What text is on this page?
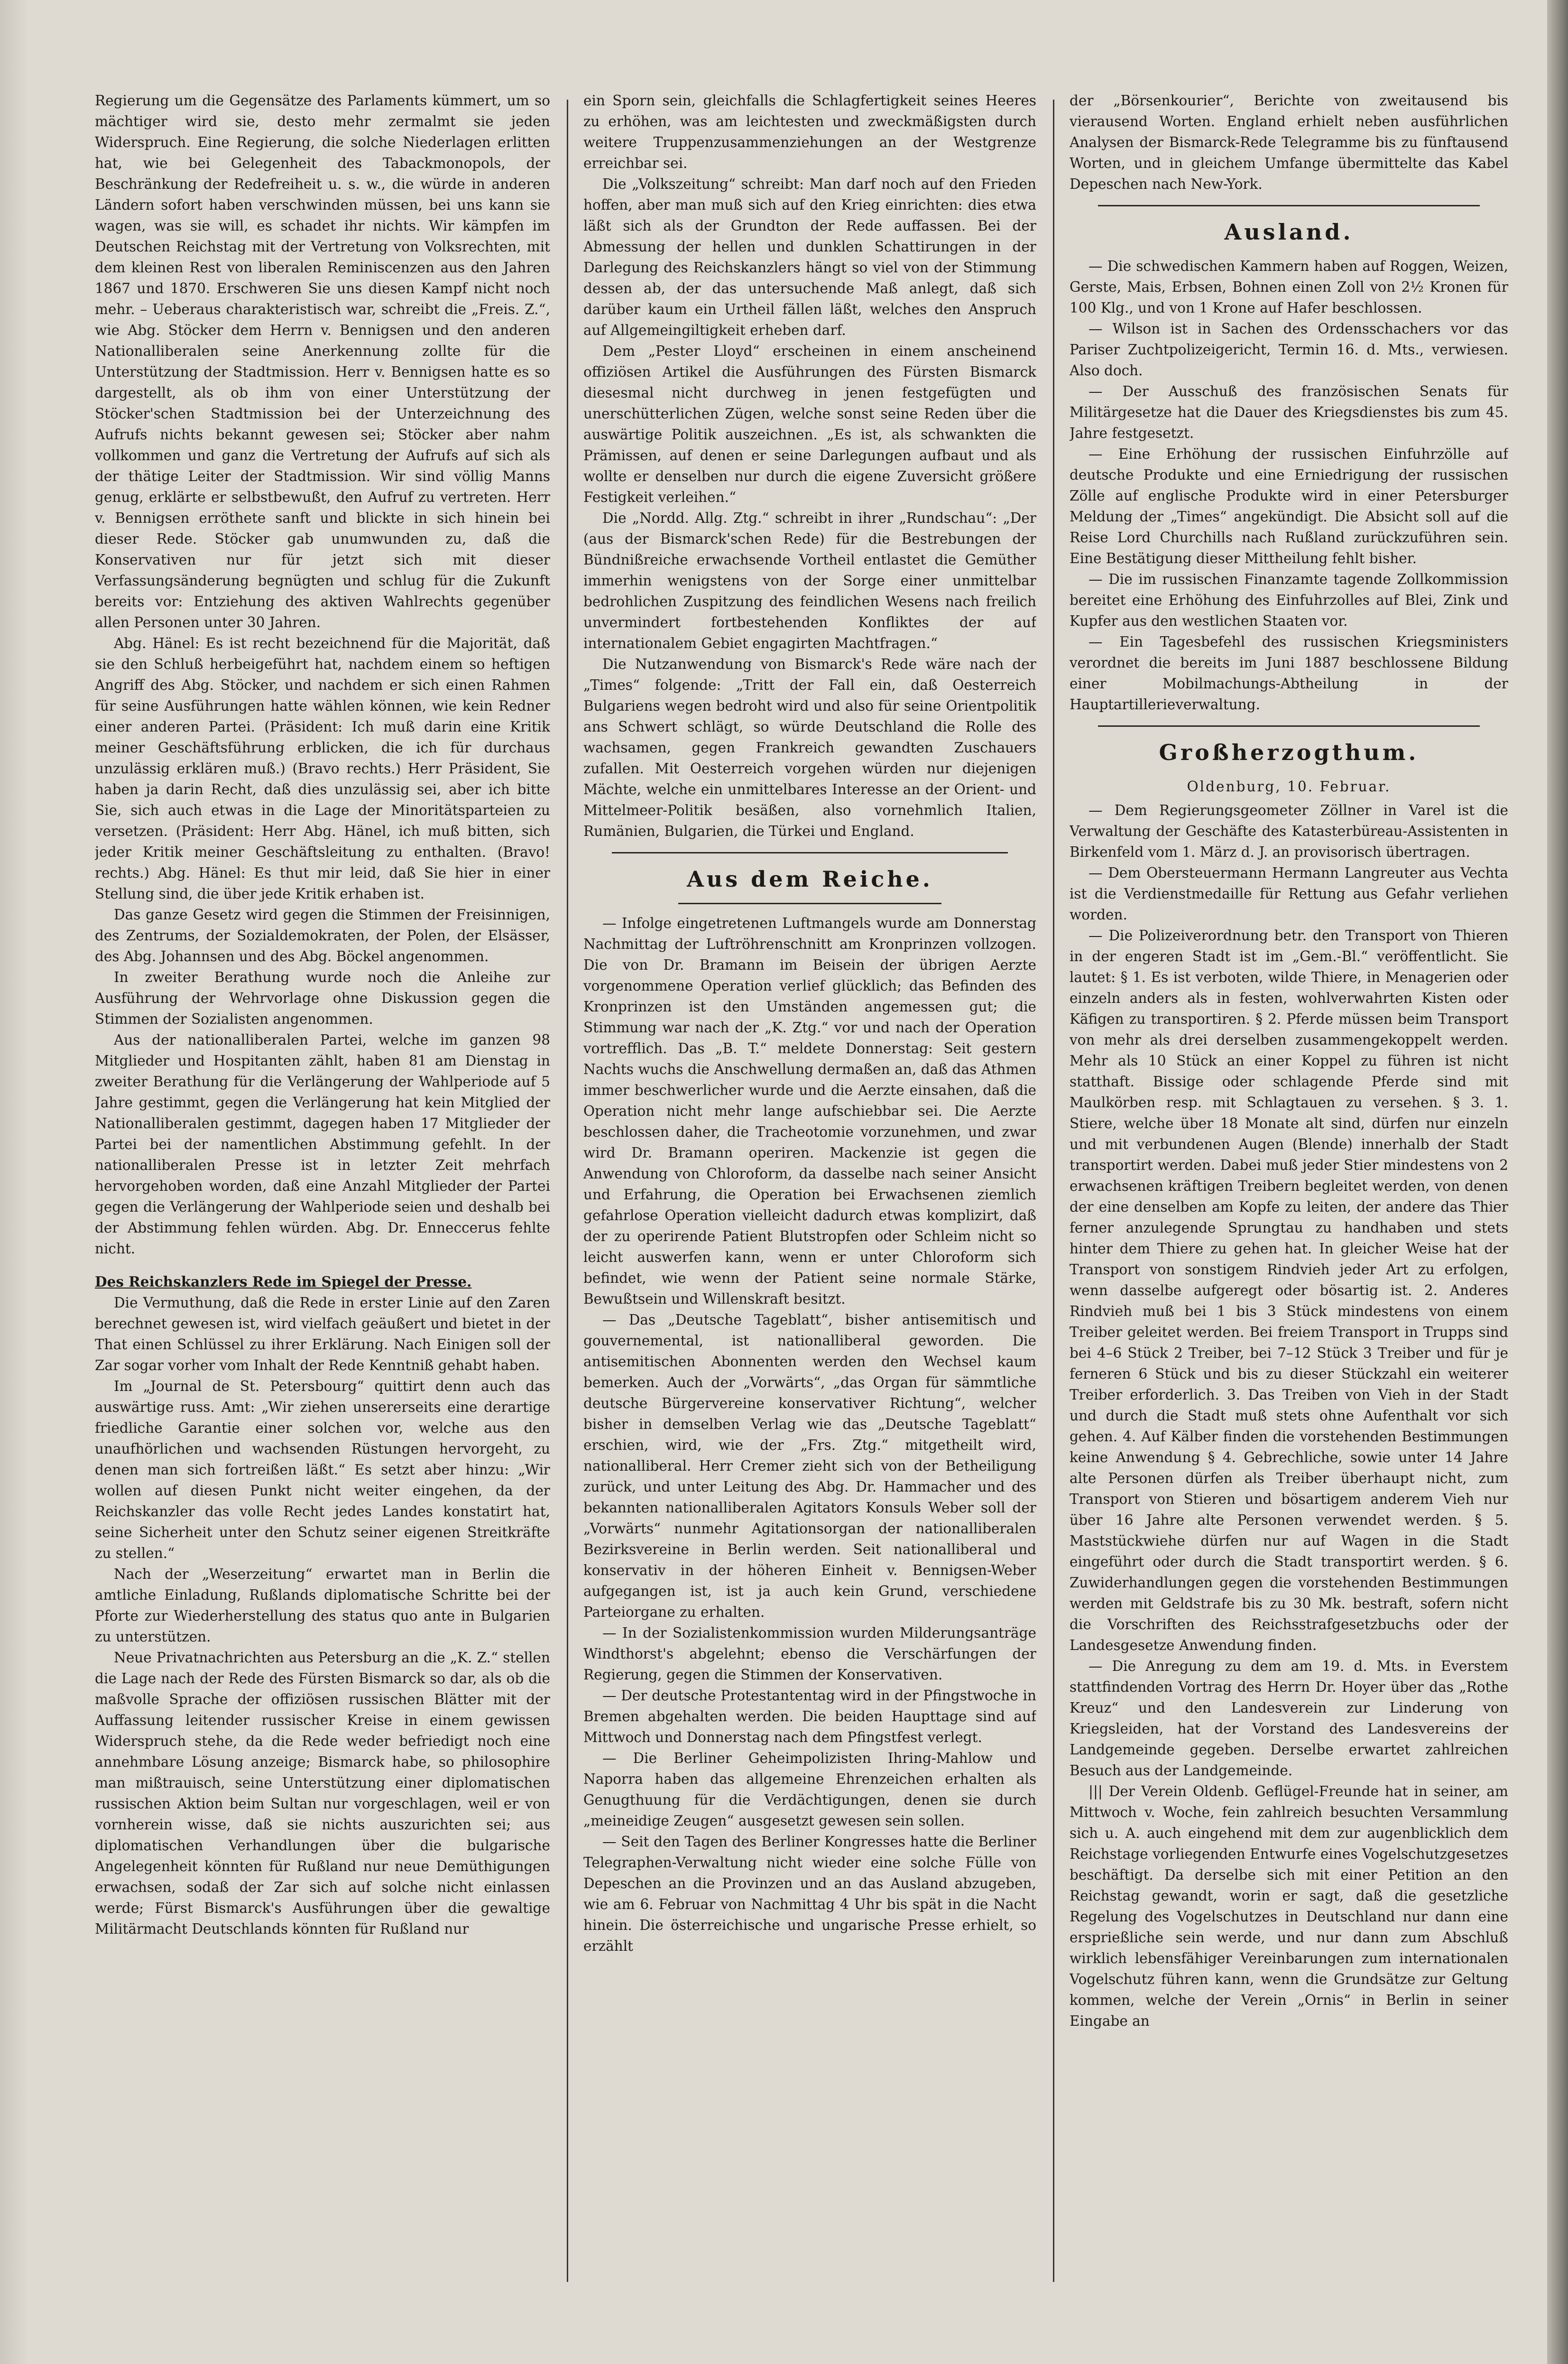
Regierung um die Gegensätze des Parlaments kümmert, um so mächtiger wird sie, desto mehr zermalmt sie jeden Widerspruch. Eine Regierung, die solche Niederlagen erlitten hat, wie bei Gelegenheit des Tabackmonopols, der Beschränkung der Redefreiheit u. s. w., die würde in anderen Ländern sofort haben verschwinden müssen, bei uns kann sie wagen, was sie will, es schadet ihr nichts. Wir kämpfen im Deutschen Reichstag mit der Vertretung von Volksrechten, mit dem kleinen Rest von liberalen Reminiscenzen aus den Jahren 1867 und 1870. Erschweren Sie uns diesen Kampf nicht noch mehr. – Ueberaus charakteristisch war, schreibt die „Freis. Z.“, wie Abg. Stöcker dem Herrn v. Bennigsen und den anderen Nationalliberalen seine Anerkennung zollte für die Unterstützung der Stadtmission. Herr v. Bennigsen hatte es so dargestellt, als ob ihm von einer Unterstützung der Stöcker'schen Stadtmission bei der Unterzeichnung des Aufrufs nichts bekannt gewesen sei; Stöcker aber nahm vollkommen und ganz die Vertretung der Aufrufs auf sich als der thätige Leiter der Stadtmission. Wir sind völlig Manns genug, erklärte er selbstbewußt, den Aufruf zu vertreten. Herr v. Bennigsen erröthete sanft und blickte in sich hinein bei dieser Rede. Stöcker gab unumwunden zu, daß die Konservativen nur für jetzt sich mit dieser Verfassungsänderung begnügten und schlug für die Zukunft bereits vor: Entziehung des aktiven Wahlrechts gegenüber allen Personen unter 30 Jahren.

Abg. Hänel: Es ist recht bezeichnend für die Majorität, daß sie den Schluß herbeigeführt hat, nachdem einem so heftigen Angriff des Abg. Stöcker, und nachdem er sich einen Rahmen für seine Ausführungen hatte wählen können, wie kein Redner einer anderen Partei. (Präsident: Ich muß darin eine Kritik meiner Geschäftsführung erblicken, die ich für durchaus unzulässig erklären muß.) (Bravo rechts.) Herr Präsident, Sie haben ja darin Recht, daß dies unzulässig sei, aber ich bitte Sie, sich auch etwas in die Lage der Minoritätsparteien zu versetzen. (Präsident: Herr Abg. Hänel, ich muß bitten, sich jeder Kritik meiner Geschäftsleitung zu enthalten. (Bravo! rechts.) Abg. Hänel: Es thut mir leid, daß Sie hier in einer Stellung sind, die über jede Kritik erhaben ist.

Das ganze Gesetz wird gegen die Stimmen der Freisinnigen, des Zentrums, der Sozialdemokraten, der Polen, der Elsässer, des Abg. Johannsen und des Abg. Böckel angenommen.

In zweiter Berathung wurde noch die Anleihe zur Ausführung der Wehrvorlage ohne Diskussion gegen die Stimmen der Sozialisten angenommen.

Aus der nationalliberalen Partei, welche im ganzen 98 Mitglieder und Hospitanten zählt, haben 81 am Dienstag in zweiter Berathung für die Verlängerung der Wahlperiode auf 5 Jahre gestimmt, gegen die Verlängerung hat kein Mitglied der Nationalliberalen gestimmt, dagegen haben 17 Mitglieder der Partei bei der namentlichen Abstimmung gefehlt. In der nationalliberalen Presse ist in letzter Zeit mehrfach hervorgehoben worden, daß eine Anzahl Mitglieder der Partei gegen die Verlängerung der Wahlperiode seien und deshalb bei der Abstimmung fehlen würden. Abg. Dr. Enneccerus fehlte nicht.

Des Reichskanzlers Rede im Spiegel der Presse.

Die Vermuthung, daß die Rede in erster Linie auf den Zaren berechnet gewesen ist, wird vielfach geäußert und bietet in der That einen Schlüssel zu ihrer Erklärung. Nach Einigen soll der Zar sogar vorher vom Inhalt der Rede Kenntniß gehabt haben.

Im „Journal de St. Petersbourg“ quittirt denn auch das auswärtige russ. Amt: „Wir ziehen unsererseits eine derartige friedliche Garantie einer solchen vor, welche aus den unaufhörlichen und wachsenden Rüstungen hervorgeht, zu denen man sich fortreißen läßt.“ Es setzt aber hinzu: „Wir wollen auf diesen Punkt nicht weiter eingehen, da der Reichskanzler das volle Recht jedes Landes konstatirt hat, seine Sicherheit unter den Schutz seiner eigenen Streitkräfte zu stellen.“

Nach der „Weserzeitung“ erwartet man in Berlin die amtliche Einladung, Rußlands diplomatische Schritte bei der Pforte zur Wiederherstellung des status quo ante in Bulgarien zu unterstützen.

Neue Privatnachrichten aus Petersburg an die „K. Z.“ stellen die Lage nach der Rede des Fürsten Bismarck so dar, als ob die maßvolle Sprache der offiziösen russischen Blätter mit der Auffassung leitender russischer Kreise in einem gewissen Widerspruch stehe, da die Rede weder befriedigt noch eine annehmbare Lösung anzeige; Bismarck habe, so philosophire man mißtrauisch, seine Unterstützung einer diplomatischen russischen Aktion beim Sultan nur vorgeschlagen, weil er von vornherein wisse, daß sie nichts auszurichten sei; aus diplomatischen Verhandlungen über die bulgarische Angelegenheit könnten für Rußland nur neue Demüthigungen erwachsen, sodaß der Zar sich auf solche nicht einlassen werde; Fürst Bismarck's Ausführungen über die gewaltige Militärmacht Deutschlands könnten für Rußland nur

ein Sporn sein, gleichfalls die Schlagfertigkeit seines Heeres zu erhöhen, was am leichtesten und zweckmäßigsten durch weitere Truppenzusammenziehungen an der Westgrenze erreichbar sei.

Die „Volkszeitung“ schreibt: Man darf noch auf den Frieden hoffen, aber man muß sich auf den Krieg einrichten: dies etwa läßt sich als der Grundton der Rede auffassen. Bei der Abmessung der hellen und dunklen Schattirungen in der Darlegung des Reichskanzlers hängt so viel von der Stimmung dessen ab, der das untersuchende Maß anlegt, daß sich darüber kaum ein Urtheil fällen läßt, welches den Anspruch auf Allgemeingiltigkeit erheben darf.

Dem „Pester Lloyd“ erscheinen in einem anscheinend offiziösen Artikel die Ausführungen des Fürsten Bismarck diesesmal nicht durchweg in jenen festgefügten und unerschütterlichen Zügen, welche sonst seine Reden über die auswärtige Politik auszeichnen. „Es ist, als schwankten die Prämissen, auf denen er seine Darlegungen aufbaut und als wollte er denselben nur durch die eigene Zuversicht größere Festigkeit verleihen.“

Die „Nordd. Allg. Ztg.“ schreibt in ihrer „Rundschau“: „Der (aus der Bismarck'schen Rede) für die Bestrebungen der Bündnißreiche erwachsende Vortheil entlastet die Gemüther immerhin wenigstens von der Sorge einer unmittelbar bedrohlichen Zuspitzung des feindlichen Wesens nach freilich unvermindert fortbestehenden Konfliktes der auf internationalem Gebiet engagirten Machtfragen.“

Die Nutzanwendung von Bismarck's Rede wäre nach der „Times“ folgende: „Tritt der Fall ein, daß Oesterreich Bulgariens wegen bedroht wird und also für seine Orientpolitik ans Schwert schlägt, so würde Deutschland die Rolle des wachsamen, gegen Frankreich gewandten Zuschauers zufallen. Mit Oesterreich vorgehen würden nur diejenigen Mächte, welche ein unmittelbares Interesse an der Orient- und Mittelmeer-Politik besäßen, also vornehmlich Italien, Rumänien, Bulgarien, die Türkei und England.

Aus dem Reiche.

— Infolge eingetretenen Luftmangels wurde am Donnerstag Nachmittag der Luftröhrenschnitt am Kronprinzen vollzogen. Die von Dr. Bramann im Beisein der übrigen Aerzte vorgenommene Operation verlief glücklich; das Befinden des Kronprinzen ist den Umständen angemessen gut; die Stimmung war nach der „K. Ztg.“ vor und nach der Operation vortrefflich. Das „B. T.“ meldete Donnerstag: Seit gestern Nachts wuchs die Anschwellung dermaßen an, daß das Athmen immer beschwerlicher wurde und die Aerzte einsahen, daß die Operation nicht mehr lange aufschiebbar sei. Die Aerzte beschlossen daher, die Tracheotomie vorzunehmen, und zwar wird Dr. Bramann operiren. Mackenzie ist gegen die Anwendung von Chloroform, da dasselbe nach seiner Ansicht und Erfahrung, die Operation bei Erwachsenen ziemlich gefahrlose Operation vielleicht dadurch etwas komplizirt, daß der zu operirende Patient Blutstropfen oder Schleim nicht so leicht auswerfen kann, wenn er unter Chloroform sich befindet, wie wenn der Patient seine normale Stärke, Bewußtsein und Willenskraft besitzt.

— Das „Deutsche Tageblatt“, bisher antisemitisch und gouvernemental, ist nationalliberal geworden. Die antisemitischen Abonnenten werden den Wechsel kaum bemerken. Auch der „Vorwärts“, „das Organ für sämmtliche deutsche Bürgervereine konservativer Richtung“, welcher bisher in demselben Verlag wie das „Deutsche Tageblatt“ erschien, wird, wie der „Frs. Ztg.“ mitgetheilt wird, nationalliberal. Herr Cremer zieht sich von der Betheiligung zurück, und unter Leitung des Abg. Dr. Hammacher und des bekannten nationalliberalen Agitators Konsuls Weber soll der „Vorwärts“ nunmehr Agitationsorgan der nationalliberalen Bezirksvereine in Berlin werden. Seit nationalliberal und konservativ in der höheren Einheit v. Bennigsen-Weber aufgegangen ist, ist ja auch kein Grund, verschiedene Parteiorgane zu erhalten.

— In der Sozialistenkommission wurden Milderungsanträge Windthorst's abgelehnt; ebenso die Verschärfungen der Regierung, gegen die Stimmen der Konservativen.

— Der deutsche Protestantentag wird in der Pfingstwoche in Bremen abgehalten werden. Die beiden Haupttage sind auf Mittwoch und Donnerstag nach dem Pfingstfest verlegt.

— Die Berliner Geheimpolizisten Ihring-Mahlow und Naporra haben das allgemeine Ehrenzeichen erhalten als Genugthuung für die Verdächtigungen, denen sie durch „meineidige Zeugen“ ausgesetzt gewesen sein sollen.

— Seit den Tagen des Berliner Kongresses hatte die Berliner Telegraphen-Verwaltung nicht wieder eine solche Fülle von Depeschen an die Provinzen und an das Ausland abzugeben, wie am 6. Februar von Nachmittag 4 Uhr bis spät in die Nacht hinein. Die österreichische und ungarische Presse erhielt, so erzählt

der „Börsenkourier“, Berichte von zweitausend bis vierausend Worten. England erhielt neben ausführlichen Analysen der Bismarck-Rede Telegramme bis zu fünftausend Worten, und in gleichem Umfange übermittelte das Kabel Depeschen nach New-York.

Ausland.

— Die schwedischen Kammern haben auf Roggen, Weizen, Gerste, Mais, Erbsen, Bohnen einen Zoll von 2½ Kronen für 100 Klg., und von 1 Krone auf Hafer beschlossen.

— Wilson ist in Sachen des Ordensschachers vor das Pariser Zuchtpolizeigericht, Termin 16. d. Mts., verwiesen. Also doch.

— Der Ausschuß des französischen Senats für Militärgesetze hat die Dauer des Kriegsdienstes bis zum 45. Jahre festgesetzt.

— Eine Erhöhung der russischen Einfuhrzölle auf deutsche Produkte und eine Erniedrigung der russischen Zölle auf englische Produkte wird in einer Petersburger Meldung der „Times“ angekündigt. Die Absicht soll auf die Reise Lord Churchills nach Rußland zurückzuführen sein. Eine Bestätigung dieser Mittheilung fehlt bisher.

— Die im russischen Finanzamte tagende Zollkommission bereitet eine Erhöhung des Einfuhrzolles auf Blei, Zink und Kupfer aus den westlichen Staaten vor.

— Ein Tagesbefehl des russischen Kriegsministers verordnet die bereits im Juni 1887 beschlossene Bildung einer Mobilmachungs-Abtheilung in der Hauptartillerieverwaltung.

Großherzogthum.

Oldenburg, 10. Februar.

— Dem Regierungsgeometer Zöllner in Varel ist die Verwaltung der Geschäfte des Katasterbüreau-Assistenten in Birkenfeld vom 1. März d. J. an provisorisch übertragen.

— Dem Obersteuermann Hermann Langreuter aus Vechta ist die Verdienstmedaille für Rettung aus Gefahr verliehen worden.

— Die Polizeiverordnung betr. den Transport von Thieren in der engeren Stadt ist im „Gem.-Bl.“ veröffentlicht. Sie lautet: § 1. Es ist verboten, wilde Thiere, in Menagerien oder einzeln anders als in festen, wohlverwahrten Kisten oder Käfigen zu transportiren. § 2. Pferde müssen beim Transport von mehr als drei derselben zusammengekoppelt werden. Mehr als 10 Stück an einer Koppel zu führen ist nicht statthaft. Bissige oder schlagende Pferde sind mit Maulkörben resp. mit Schlagtauen zu versehen. § 3. 1. Stiere, welche über 18 Monate alt sind, dürfen nur einzeln und mit verbundenen Augen (Blende) innerhalb der Stadt transportirt werden. Dabei muß jeder Stier mindestens von 2 erwachsenen kräftigen Treibern begleitet werden, von denen der eine denselben am Kopfe zu leiten, der andere das Thier ferner anzulegende Sprungtau zu handhaben und stets hinter dem Thiere zu gehen hat. In gleicher Weise hat der Transport von sonstigem Rindvieh jeder Art zu erfolgen, wenn dasselbe aufgeregt oder bösartig ist. 2. Anderes Rindvieh muß bei 1 bis 3 Stück mindestens von einem Treiber geleitet werden. Bei freiem Transport in Trupps sind bei 4–6 Stück 2 Treiber, bei 7–12 Stück 3 Treiber und für je ferneren 6 Stück und bis zu dieser Stückzahl ein weiterer Treiber erforderlich. 3. Das Treiben von Vieh in der Stadt und durch die Stadt muß stets ohne Aufenthalt vor sich gehen. 4. Auf Kälber finden die vorstehenden Bestimmungen keine Anwendung § 4. Gebrechliche, sowie unter 14 Jahre alte Personen dürfen als Treiber überhaupt nicht, zum Transport von Stieren und bösartigem anderem Vieh nur über 16 Jahre alte Personen verwendet werden. § 5. Maststückwiehe dürfen nur auf Wagen in die Stadt eingeführt oder durch die Stadt transportirt werden. § 6. Zuwiderhandlungen gegen die vorstehenden Bestimmungen werden mit Geldstrafe bis zu 30 Mk. bestraft, sofern nicht die Vorschriften des Reichsstrafgesetzbuchs oder der Landesgesetze Anwendung finden.

— Die Anregung zu dem am 19. d. Mts. in Everstem stattfindenden Vortrag des Herrn Dr. Hoyer über das „Rothe Kreuz“ und den Landesverein zur Linderung von Kriegsleiden, hat der Vorstand des Landesvereins der Landgemeinde gegeben. Derselbe erwartet zahlreichen Besuch aus der Landgemeinde.

||| Der Verein Oldenb. Geflügel-Freunde hat in seiner, am Mittwoch v. Woche, fein zahlreich besuchten Versammlung sich u. A. auch eingehend mit dem zur augenblicklich dem Reichstage vorliegenden Entwurfe eines Vogelschutzgesetzes beschäftigt. Da derselbe sich mit einer Petition an den Reichstag gewandt, worin er sagt, daß die gesetzliche Regelung des Vogelschutzes in Deutschland nur dann eine ersprießliche sein werde, und nur dann zum Abschluß wirklich lebensfähiger Vereinbarungen zum internationalen Vogelschutz führen kann, wenn die Grundsätze zur Geltung kommen, welche der Verein „Ornis“ in Berlin in seiner Eingabe an
